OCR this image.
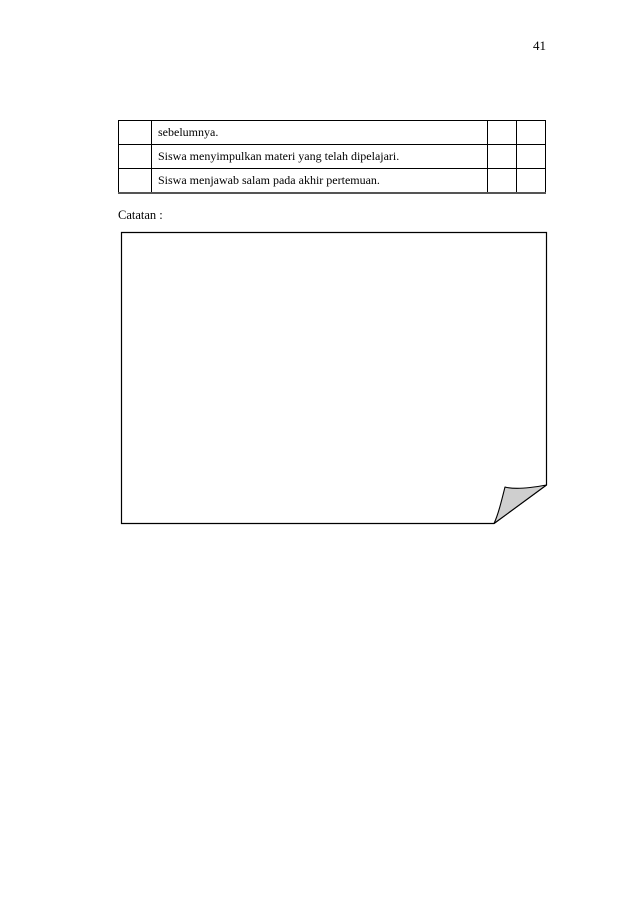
41
	sebelumnya.		
	Siswa menyimpulkan materi yang telah dipelajari.		
	Siswa menjawab salam pada akhir pertemuan.		
Catatan :
